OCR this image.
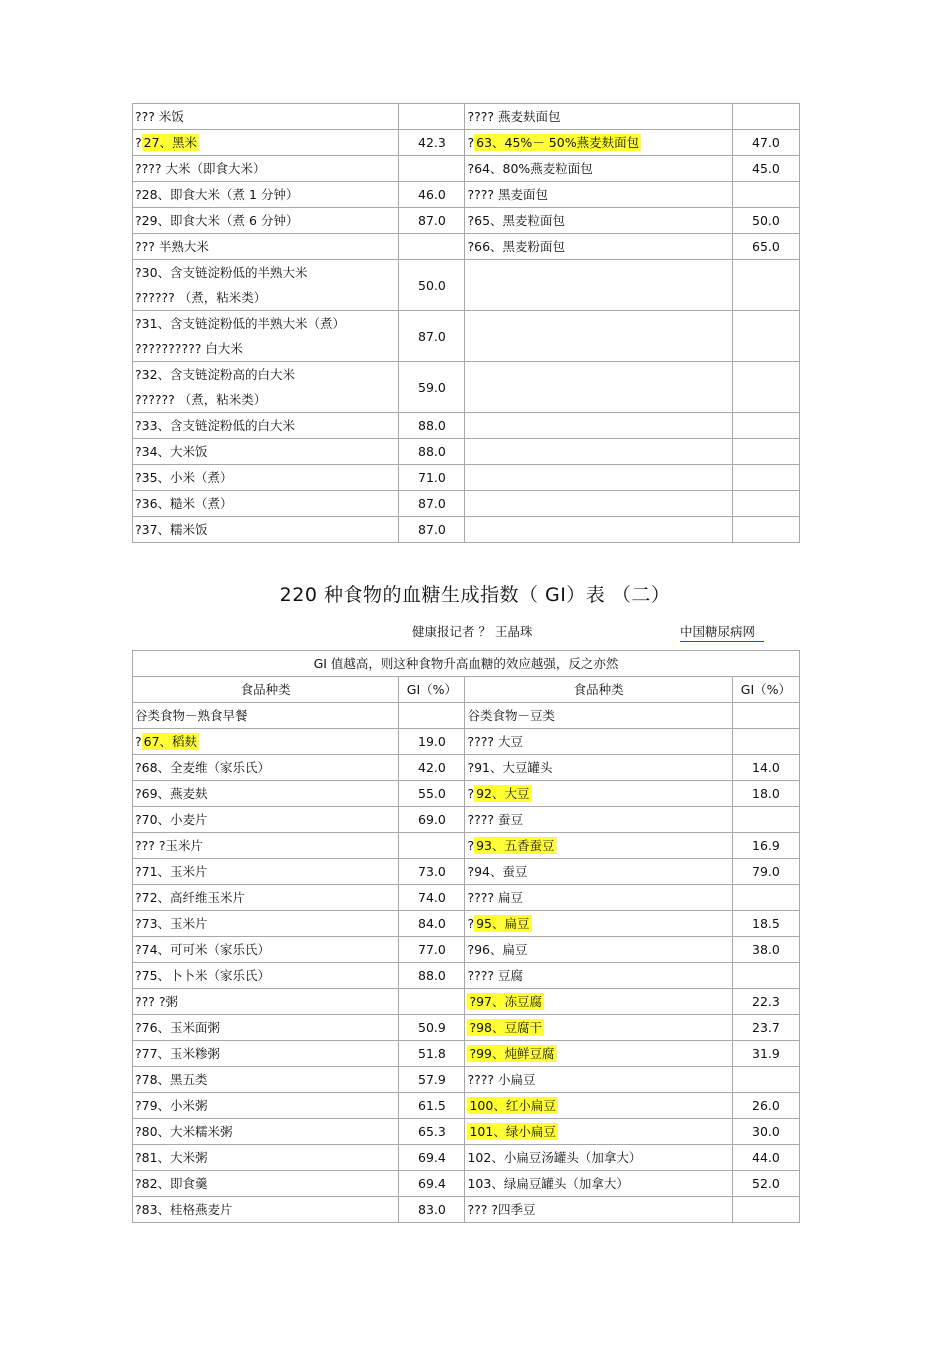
??? 米饭		???? 燕麦麸面包	
? 27、黑米	42.3	? 63、45%－ 50%燕麦麸面包	47.0
???? 大米（即食大米）		?64、80%燕麦粒面包	45.0
?28、即食大米（煮 1 分钟）	46.0	???? 黑麦面包	
?29、即食大米（煮 6 分钟）	87.0	?65、黑麦粒面包	50.0
??? 半熟大米		?66、黑麦粉面包	65.0

?30、含支链淀粉低的半熟大米
?????? （煮，粘米类）	50.0		

?31、含支链淀粉低的半熟大米（煮）
?????????? 白大米	87.0		

?32、含支链淀粉高的白大米
?????? （煮，粘米类）	59.0		
?33、含支链淀粉低的白大米	88.0		
?34、大米饭	88.0		
?35、小米（煮）	71.0		
?36、糙米（煮）	87.0		
?37、糯米饭	87.0		
220 种食物的血糖生成指数（ GI）表 （二）
健康报记者 ？ 王晶珠	中国糖尿病网
GI 值越高，则这种食物升高血糖的效应越强，反之亦然			
食品种类	GI（%）	食品种类	GI（%）
谷类食物－熟食早餐		谷类食物－豆类	
? 67、稻麸	19.0	???? 大豆	
?68、全麦维（家乐氏）	42.0	?91、大豆罐头	14.0
?69、燕麦麸	55.0	? 92、大豆	18.0
?70、小麦片	69.0	???? 蚕豆	
??? ?玉米片		? 93、五香蚕豆	16.9
?71、玉米片	73.0	?94、蚕豆	79.0
?72、高纤维玉米片	74.0	???? 扁豆	
?73、玉米片	84.0	? 95、扁豆	18.5
?74、可可米（家乐氏）	77.0	?96、扁豆	38.0
?75、卜卜米（家乐氏）	88.0	???? 豆腐	
??? ?粥		?97、冻豆腐	22.3
?76、玉米面粥	50.9	?98、豆腐干	23.7
?77、玉米糁粥	51.8	?99、炖鲜豆腐	31.9
?78、黑五类	57.9	???? 小扁豆	
?79、小米粥	61.5	100、红小扁豆	26.0
?80、大米糯米粥	65.3	101、绿小扁豆	30.0
?81、大米粥	69.4	102、小扁豆汤罐头（加拿大）	44.0
?82、即食羹	69.4	103、绿扁豆罐头（加拿大）	52.0
?83、桂格燕麦片	83.0	??? ?四季豆	
